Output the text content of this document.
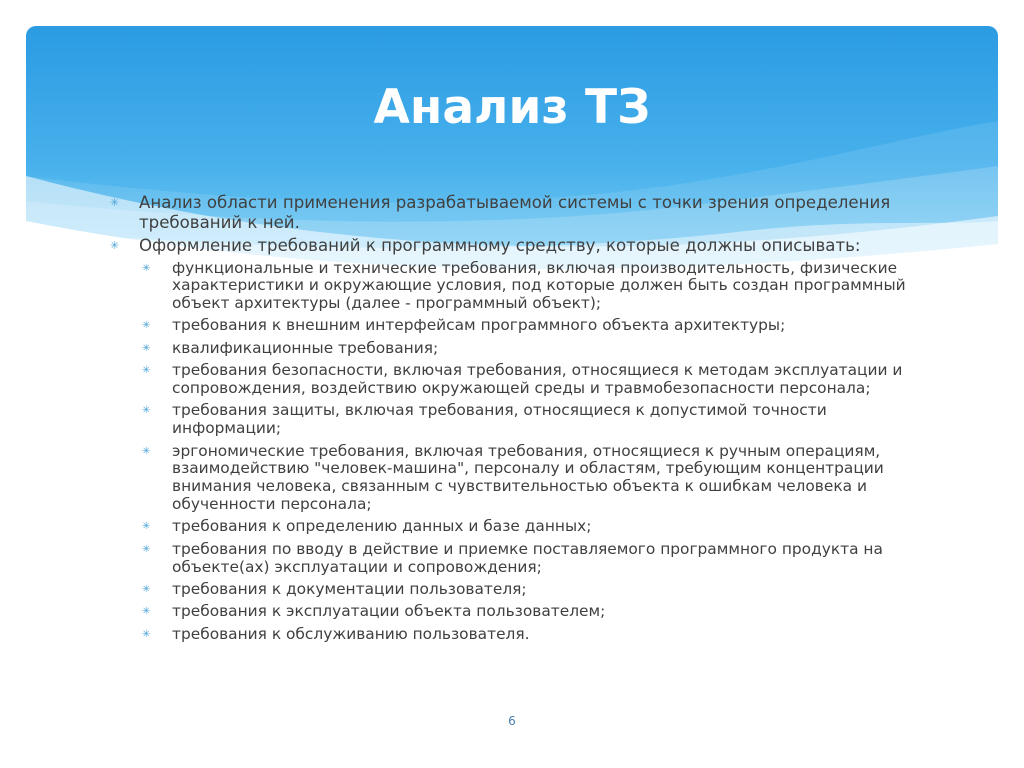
Анализ ТЗ
✳ Анализ области применения разрабатываемой системы с точки зрения определения требований к ней.
✳ Оформление требований к программному средству, которые должны описывать:
✳ функциональные и технические требования, включая производительность, физические характеристики и окружающие условия, под которые должен быть создан программный объект архитектуры (далее - программный объект);
✳ требования к внешним интерфейсам программного объекта архитектуры;
✳ квалификационные требования;
✳ требования безопасности, включая требования, относящиеся к методам эксплуатации и сопровождения, воздействию окружающей среды и травмобезопасности персонала;
✳ требования защиты, включая требования, относящиеся к допустимой точности информации;
✳ эргономические требования, включая требования, относящиеся к ручным операциям, взаимодействию "человек-машина", персоналу и областям, требующим концентрации внимания человека, связанным с чувствительностью объекта к ошибкам человека и обученности персонала;
✳ требования к определению данных и базе данных;
✳ требования по вводу в действие и приемке поставляемого программного продукта на объекте(ах) эксплуатации и сопровождения;
✳ требования к документации пользователя;
✳ требования к эксплуатации объекта пользователем;
✳ требования к обслуживанию пользователя.
6
